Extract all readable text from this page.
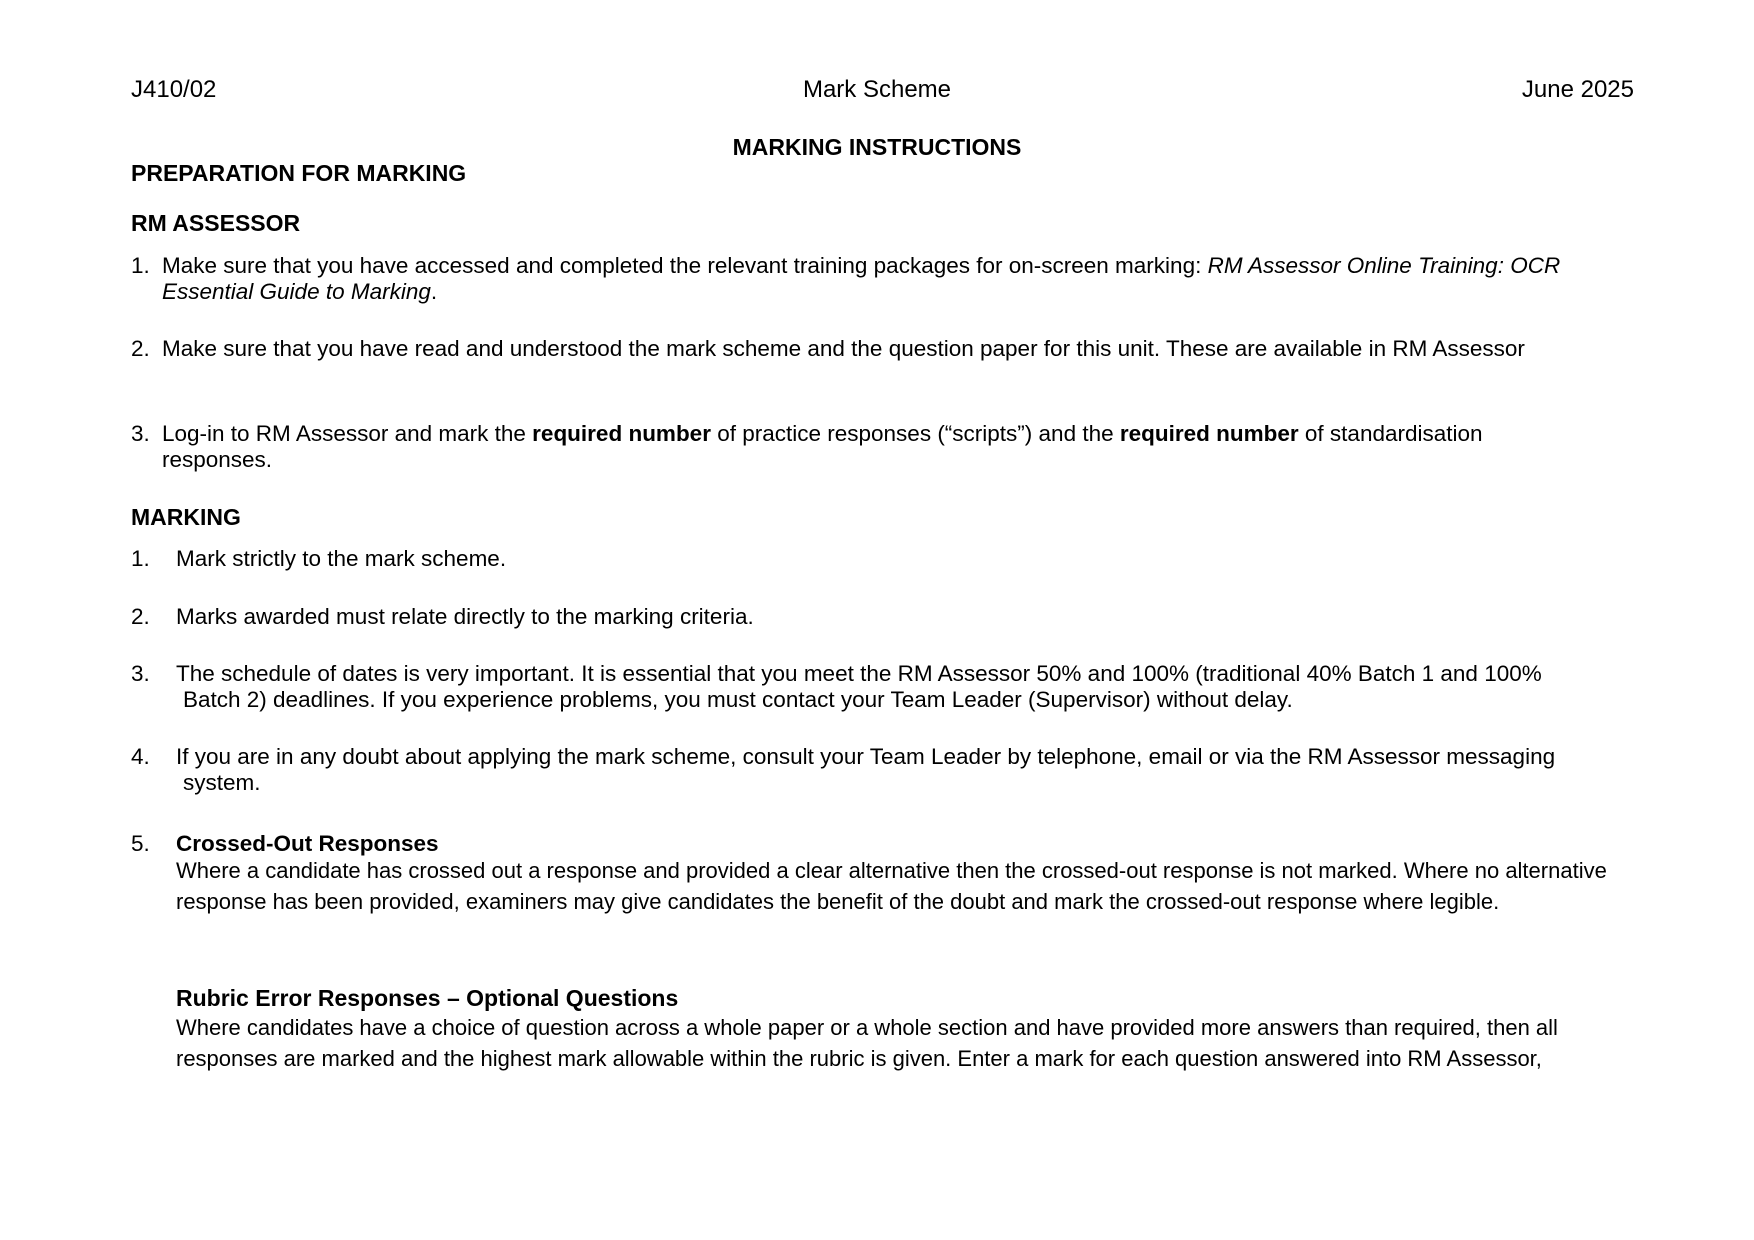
J410/02	Mark Scheme	June 2025
MARKING INSTRUCTIONS
PREPARATION FOR MARKING
RM ASSESSOR
1. Make sure that you have accessed and completed the relevant training packages for on-screen marking: RM Assessor Online Training: OCR
Essential Guide to Marking.
2. Make sure that you have read and understood the mark scheme and the question paper for this unit. These are available in RM Assessor
3. Log-in to RM Assessor and mark the required number of practice responses (“scripts”) and the required number of standardisation
responses.
MARKING
1.	Mark strictly to the mark scheme.
2.	Marks awarded must relate directly to the marking criteria.
3.	The schedule of dates is very important. It is essential that you meet the RM Assessor 50% and 100% (traditional 40% Batch 1 and 100%
Batch 2) deadlines. If you experience problems, you must contact your Team Leader (Supervisor) without delay.
4.	If you are in any doubt about applying the mark scheme, consult your Team Leader by telephone, email or via the RM Assessor messaging
system.
5.	Crossed-Out Responses
Where a candidate has crossed out a response and provided a clear alternative then the crossed-out response is not marked. Where no alternative response has been provided, examiners may give candidates the benefit of the doubt and mark the crossed-out response where legible.
Rubric Error Responses – Optional Questions
Where candidates have a choice of question across a whole paper or a whole section and have provided more answers than required, then all responses are marked and the highest mark allowable within the rubric is given. Enter a mark for each question answered into RM Assessor,
